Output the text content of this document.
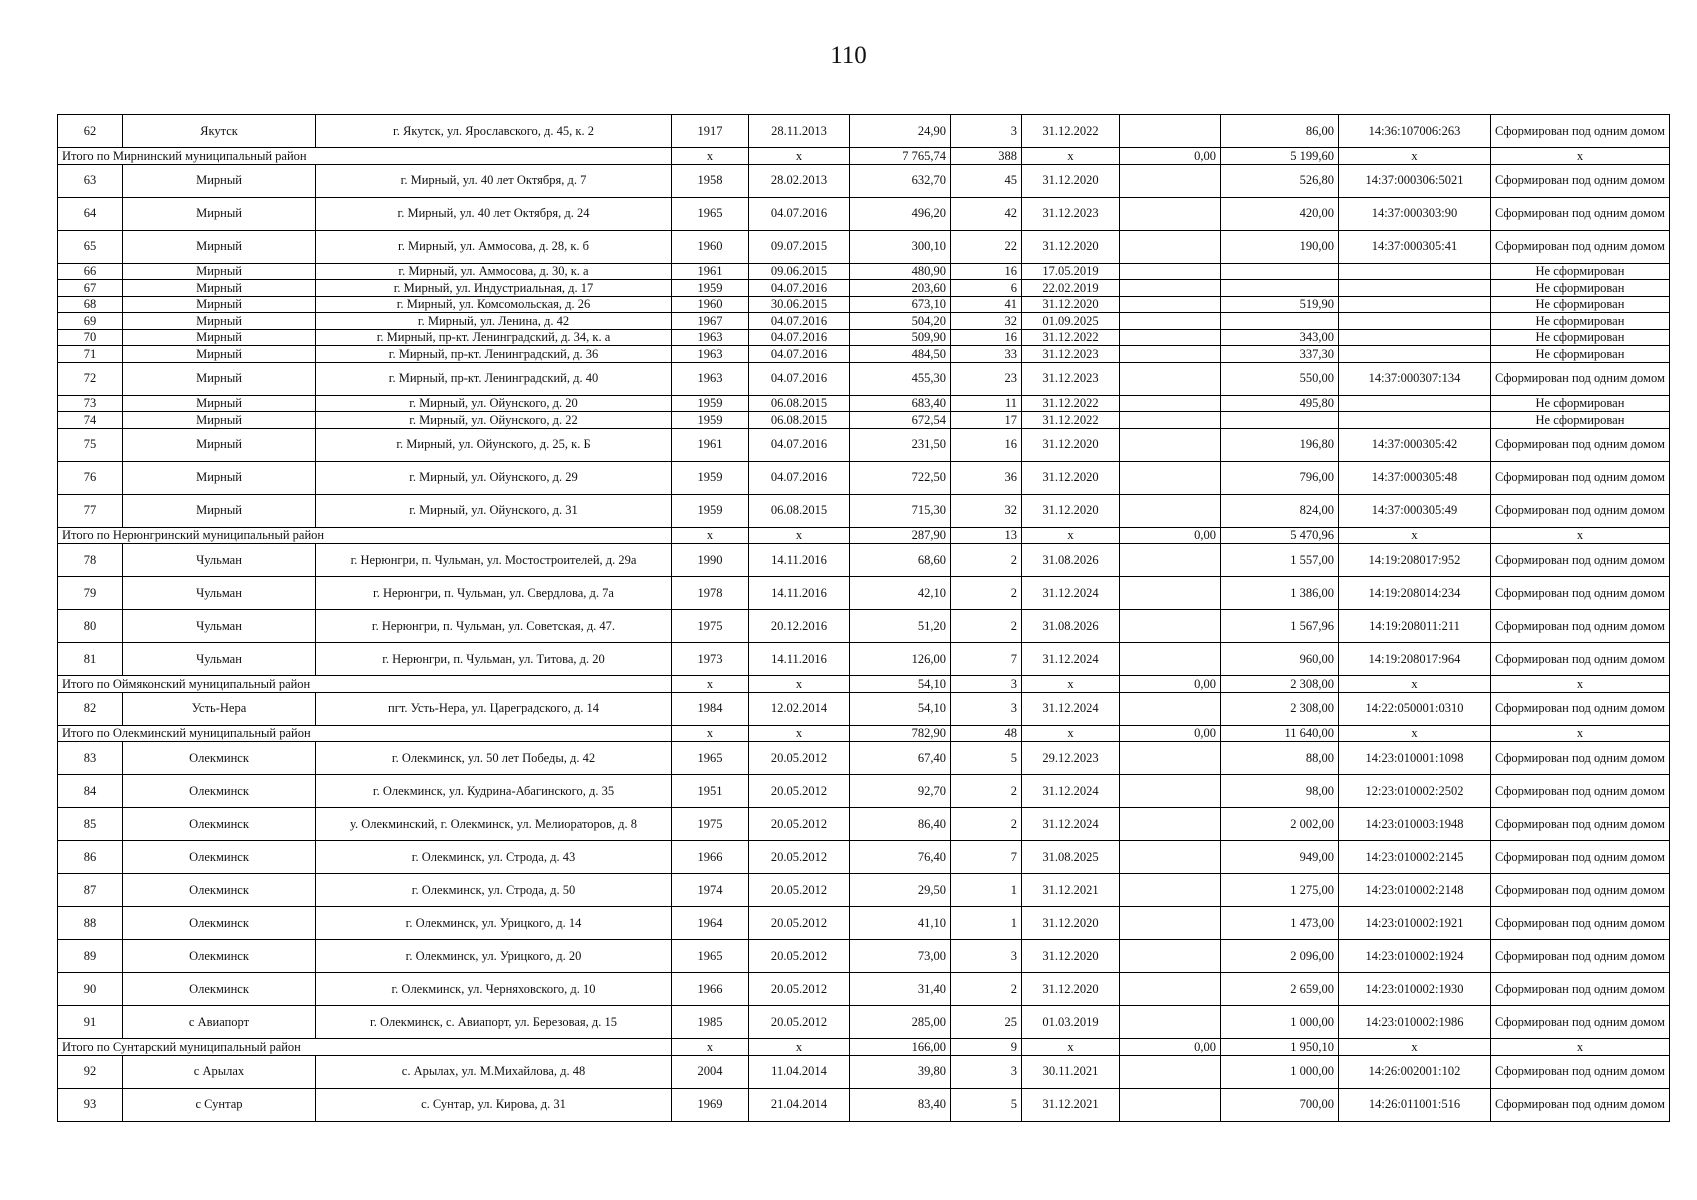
110
62	Якутск	г. Якутск, ул. Ярославского, д. 45, к. 2	1917	28.11.2013	24,90	3	31.12.2022		86,00	14:36:107006:263	Сформирован под одним домом
Итого по Мирнинский муниципальный район			x	x	7 765,74	388	x	0,00	5 199,60	x	x
63	Мирный	г. Мирный, ул. 40 лет Октября, д. 7	1958	28.02.2013	632,70	45	31.12.2020		526,80	14:37:000306:5021	Сформирован под одним домом
64	Мирный	г. Мирный, ул. 40 лет Октября, д. 24	1965	04.07.2016	496,20	42	31.12.2023		420,00	14:37:000303:90	Сформирован под одним домом
65	Мирный	г. Мирный, ул. Аммосова, д. 28, к. б	1960	09.07.2015	300,10	22	31.12.2020		190,00	14:37:000305:41	Сформирован под одним домом
66	Мирный	г. Мирный, ул. Аммосова, д. 30, к. а	1961	09.06.2015	480,90	16	17.05.2019				Не сформирован
67	Мирный	г. Мирный, ул. Индустриальная, д. 17	1959	04.07.2016	203,60	6	22.02.2019				Не сформирован
68	Мирный	г. Мирный, ул. Комсомольская, д. 26	1960	30.06.2015	673,10	41	31.12.2020		519,90		Не сформирован
69	Мирный	г. Мирный, ул. Ленина, д. 42	1967	04.07.2016	504,20	32	01.09.2025				Не сформирован
70	Мирный	г. Мирный, пр-кт. Ленинградский, д. 34, к. а	1963	04.07.2016	509,90	16	31.12.2022		343,00		Не сформирован
71	Мирный	г. Мирный, пр-кт. Ленинградский, д. 36	1963	04.07.2016	484,50	33	31.12.2023		337,30		Не сформирован
72	Мирный	г. Мирный, пр-кт. Ленинградский, д. 40	1963	04.07.2016	455,30	23	31.12.2023		550,00	14:37:000307:134	Сформирован под одним домом
73	Мирный	г. Мирный, ул. Ойунского, д. 20	1959	06.08.2015	683,40	11	31.12.2022		495,80		Не сформирован
74	Мирный	г. Мирный, ул. Ойунского, д. 22	1959	06.08.2015	672,54	17	31.12.2022				Не сформирован
75	Мирный	г. Мирный, ул. Ойунского, д. 25, к. Б	1961	04.07.2016	231,50	16	31.12.2020		196,80	14:37:000305:42	Сформирован под одним домом
76	Мирный	г. Мирный, ул. Ойунского, д. 29	1959	04.07.2016	722,50	36	31.12.2020		796,00	14:37:000305:48	Сформирован под одним домом
77	Мирный	г. Мирный, ул. Ойунского, д. 31	1959	06.08.2015	715,30	32	31.12.2020		824,00	14:37:000305:49	Сформирован под одним домом
Итого по Нерюнгринский муниципальный район			x	x	287,90	13	x	0,00	5 470,96	x	x
78	Чульман	г. Нерюнгри, п. Чульман, ул. Мостостроителей, д. 29а	1990	14.11.2016	68,60	2	31.08.2026		1 557,00	14:19:208017:952	Сформирован под одним домом
79	Чульман	г. Нерюнгри, п. Чульман, ул. Свердлова, д. 7а	1978	14.11.2016	42,10	2	31.12.2024		1 386,00	14:19:208014:234	Сформирован под одним домом
80	Чульман	г. Нерюнгри, п. Чульман, ул. Советская, д. 47.	1975	20.12.2016	51,20	2	31.08.2026		1 567,96	14:19:208011:211	Сформирован под одним домом
81	Чульман	г. Нерюнгри, п. Чульман, ул. Титова, д. 20	1973	14.11.2016	126,00	7	31.12.2024		960,00	14:19:208017:964	Сформирован под одним домом
Итого по Оймяконский муниципальный район			x	x	54,10	3	x	0,00	2 308,00	x	x
82	Усть-Нера	пгт. Усть-Нера, ул. Цареградского, д. 14	1984	12.02.2014	54,10	3	31.12.2024		2 308,00	14:22:050001:0310	Сформирован под одним домом
Итого по Олекминский муниципальный район			x	x	782,90	48	x	0,00	11 640,00	x	x
83	Олекминск	г. Олекминск, ул. 50 лет Победы, д. 42	1965	20.05.2012	67,40	5	29.12.2023		88,00	14:23:010001:1098	Сформирован под одним домом
84	Олекминск	г. Олекминск, ул. Кудрина-Абагинского, д. 35	1951	20.05.2012	92,70	2	31.12.2024		98,00	12:23:010002:2502	Сформирован под одним домом
85	Олекминск	у. Олекминский, г. Олекминск, ул. Мелиораторов, д. 8	1975	20.05.2012	86,40	2	31.12.2024		2 002,00	14:23:010003:1948	Сформирован под одним домом
86	Олекминск	г. Олекминск, ул. Строда, д. 43	1966	20.05.2012	76,40	7	31.08.2025		949,00	14:23:010002:2145	Сформирован под одним домом
87	Олекминск	г. Олекминск, ул. Строда, д. 50	1974	20.05.2012	29,50	1	31.12.2021		1 275,00	14:23:010002:2148	Сформирован под одним домом
88	Олекминск	г. Олекминск, ул. Урицкого, д. 14	1964	20.05.2012	41,10	1	31.12.2020		1 473,00	14:23:010002:1921	Сформирован под одним домом
89	Олекминск	г. Олекминск, ул. Урицкого, д. 20	1965	20.05.2012	73,00	3	31.12.2020		2 096,00	14:23:010002:1924	Сформирован под одним домом
90	Олекминск	г. Олекминск, ул. Черняховского, д. 10	1966	20.05.2012	31,40	2	31.12.2020		2 659,00	14:23:010002:1930	Сформирован под одним домом
91	с Авиапорт	г. Олекминск, с. Авиапорт, ул. Березовая, д. 15	1985	20.05.2012	285,00	25	01.03.2019		1 000,00	14:23:010002:1986	Сформирован под одним домом
Итого по Сунтарский муниципальный район			x	x	166,00	9	x	0,00	1 950,10	x	x
92	с Арылах	с. Арылах, ул. М.Михайлова, д. 48	2004	11.04.2014	39,80	3	30.11.2021		1 000,00	14:26:002001:102	Сформирован под одним домом
93	с Сунтар	с. Сунтар, ул. Кирова, д. 31	1969	21.04.2014	83,40	5	31.12.2021		700,00	14:26:011001:516	Сформирован под одним домом
